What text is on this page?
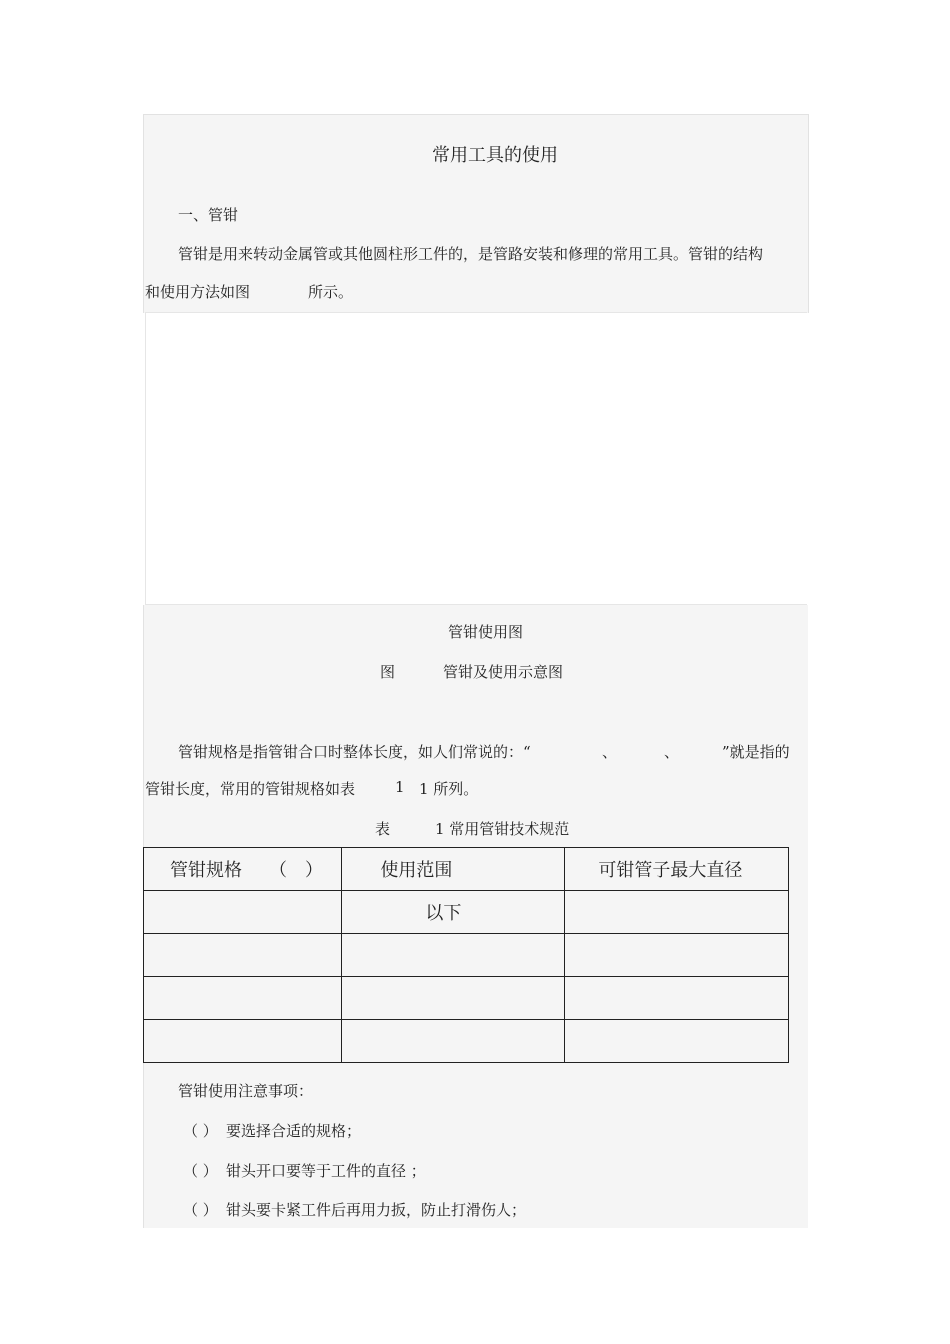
常用工具的使用
一、管钳
管钳是用来转动金属管或其他圆柱形工件的，是管路安装和修理的常用工具。管钳的结构
和使用方法如图	所示。
管钳使用图
图	管钳及使用示意图
管钳规格是指管钳合口时整体长度，如人们常说的：“	、	、	”就是指的
管钳长度，常用的管钳规格如表	1 1 所列。
表	1 常用管钳技术规范
管钳规格　　（　）	使用范围	可钳管子最大直径
	以下	

管钳使用注意事项：
（ ） 要选择合适的规格；
（ ） 钳头开口要等于工件的直径 ；
（ ） 钳头要卡紧工件后再用力扳，防止打滑伤人；
